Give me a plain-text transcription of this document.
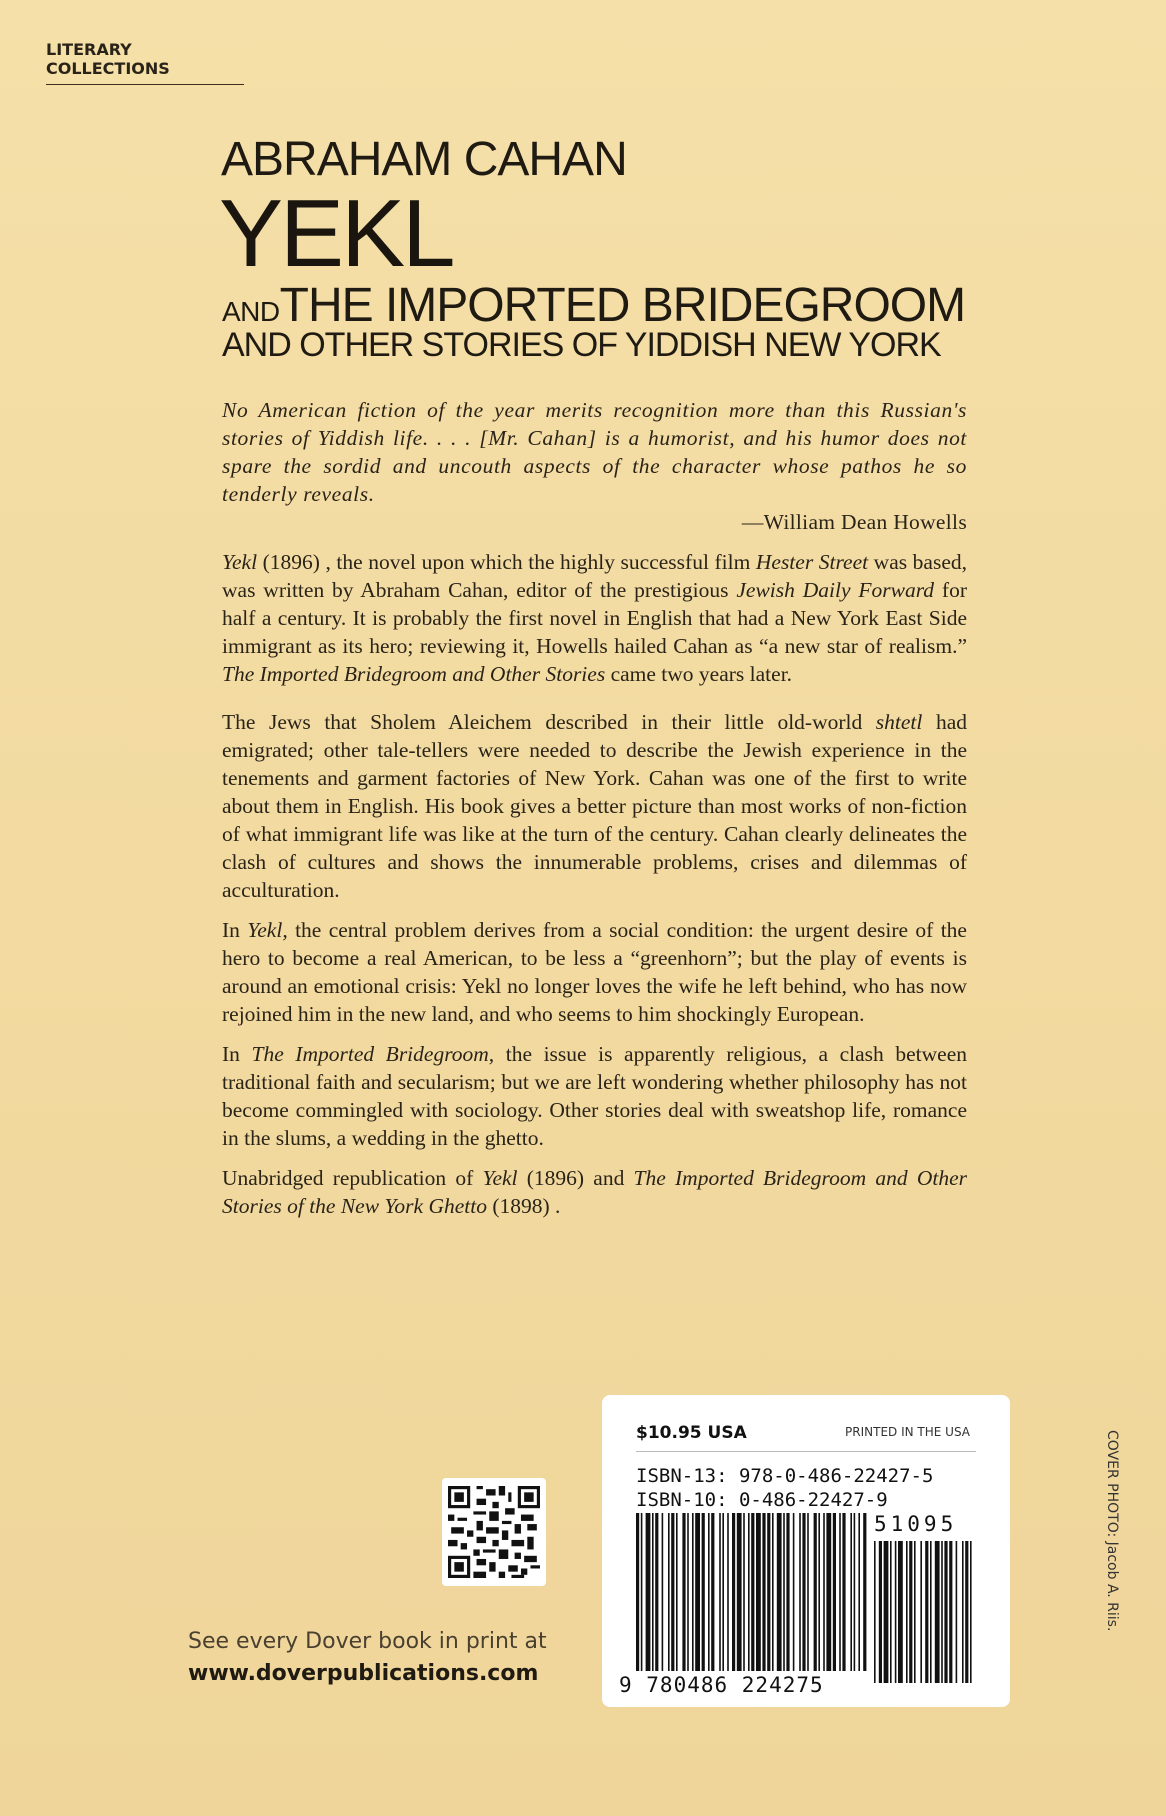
LITERARY COLLECTIONS
ABRAHAM CAHAN
YEKL
ANDTHE IMPORTED BRIDEGROOM
AND OTHER STORIES OF YIDDISH NEW YORK

No American fiction of the year merits recognition more than this Russian's stories of Yiddish life. . . . [Mr. Cahan] is a humorist, and his humor does not spare the sordid and uncouth aspects of the character whose pathos he so tenderly reveals.

—William Dean Howells

Yekl (1896) , the novel upon which the highly successful film Hester Street was based, was written by Abraham Cahan, editor of the prestigious Jewish Daily Forward for half a century. It is probably the first novel in English that had a New York East Side immigrant as its hero; reviewing it, Howells hailed Cahan as “a new star of realism.” The Imported Bridegroom and Other Stories came two years later.

The Jews that Sholem Aleichem described in their little old-world shtetl had emigrated; other tale-tellers were needed to describe the Jewish experience in the tenements and garment factories of New York. Cahan was one of the first to write about them in English. His book gives a better picture than most works of non-fiction of what immigrant life was like at the turn of the century. Cahan clearly delineates the clash of cultures and shows the innumerable problems, crises and dilemmas of acculturation.

In Yekl, the central problem derives from a social condition: the urgent desire of the hero to become a real American, to be less a “greenhorn”; but the play of events is around an emotional crisis: Yekl no longer loves the wife he left behind, who has now rejoined him in the new land, and who seems to him shockingly European.

In The Imported Bridegroom, the issue is apparently religious, a clash between traditional faith and secularism; but we are left wondering whether philosophy has not become commingled with sociology. Other stories deal with sweatshop life, romance in the slums, a wedding in the ghetto.

Unabridged republication of Yekl (1896) and The Imported Bridegroom and Other Stories of the New York Ghetto (1898) .

See every Dover book in print at
www.doverpublications.com
$10.95 USA	PRINTED IN THE USA
ISBN-13: 978-0-486-22427-5
ISBN-10: 0-486-22427-9
51095
9 780486 224275
COVER PHOTO: Jacob A. Riis.
